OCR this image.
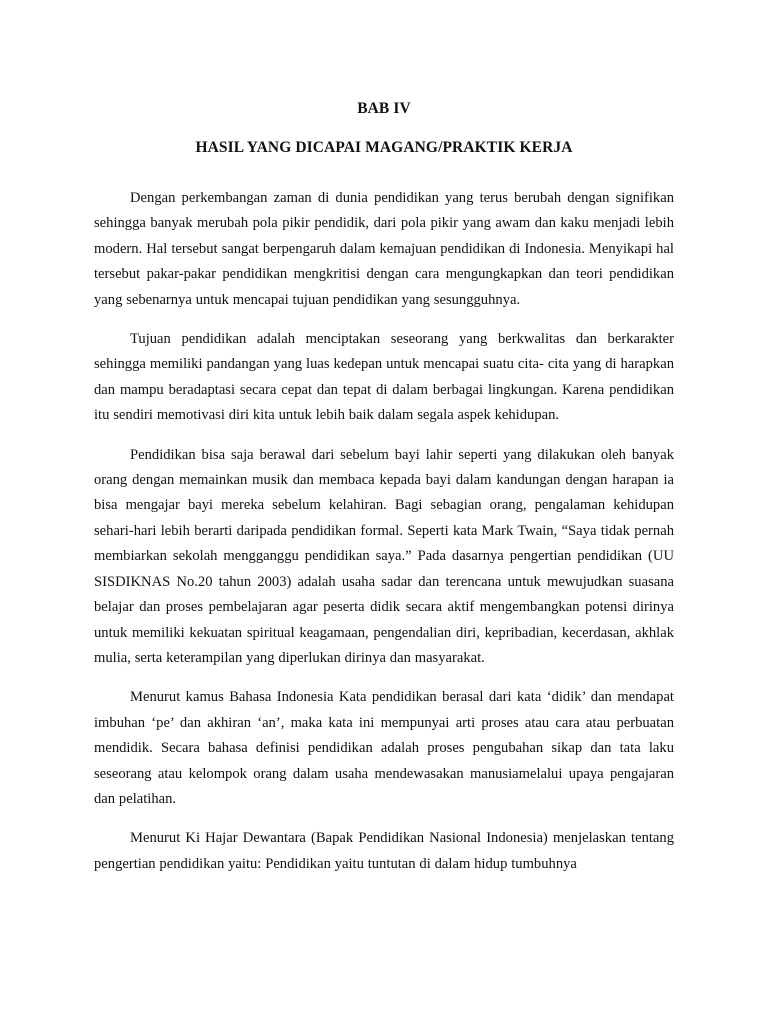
BAB IV
HASIL YANG DICAPAI MAGANG/PRAKTIK KERJA

Dengan perkembangan zaman di dunia pendidikan yang terus berubah dengan signifikan sehingga banyak merubah pola pikir pendidik, dari pola pikir yang awam dan kaku menjadi lebih modern. Hal tersebut sangat berpengaruh dalam kemajuan pendidikan di Indonesia. Menyikapi hal tersebut pakar-pakar pendidikan mengkritisi dengan cara mengungkapkan dan teori pendidikan yang sebenarnya untuk mencapai tujuan pendidikan yang sesungguhnya.

Tujuan pendidikan adalah menciptakan seseorang yang berkwalitas dan berkarakter sehingga memiliki pandangan yang luas kedepan untuk mencapai suatu cita- cita yang di harapkan dan mampu beradaptasi secara cepat dan tepat di dalam berbagai lingkungan. Karena pendidikan itu sendiri memotivasi diri kita untuk lebih baik dalam segala aspek kehidupan.

Pendidikan bisa saja berawal dari sebelum bayi lahir seperti yang dilakukan oleh banyak orang dengan memainkan musik dan membaca kepada bayi dalam kandungan dengan harapan ia bisa mengajar bayi mereka sebelum kelahiran. Bagi sebagian orang, pengalaman kehidupan sehari-hari lebih berarti daripada pendidikan formal. Seperti kata Mark Twain, “Saya tidak pernah membiarkan sekolah mengganggu pendidikan saya.” Pada dasarnya pengertian pendidikan (UU SISDIKNAS No.20 tahun 2003) adalah usaha sadar dan terencana untuk mewujudkan suasana belajar dan proses pembelajaran agar peserta didik secara aktif mengembangkan potensi dirinya untuk memiliki kekuatan spiritual keagamaan, pengendalian diri, kepribadian, kecerdasan, akhlak mulia, serta keterampilan yang diperlukan dirinya dan masyarakat.

Menurut kamus Bahasa Indonesia Kata pendidikan berasal dari kata ‘didik’ dan mendapat imbuhan ‘pe’ dan akhiran ‘an’, maka kata ini mempunyai arti proses atau cara atau perbuatan mendidik. Secara bahasa definisi pendidikan adalah proses pengubahan sikap dan tata laku seseorang atau kelompok orang dalam usaha mendewasakan manusiamelalui upaya pengajaran dan pelatihan.

Menurut Ki Hajar Dewantara (Bapak Pendidikan Nasional Indonesia) menjelaskan tentang pengertian pendidikan yaitu: Pendidikan yaitu tuntutan di dalam hidup tumbuhnya
